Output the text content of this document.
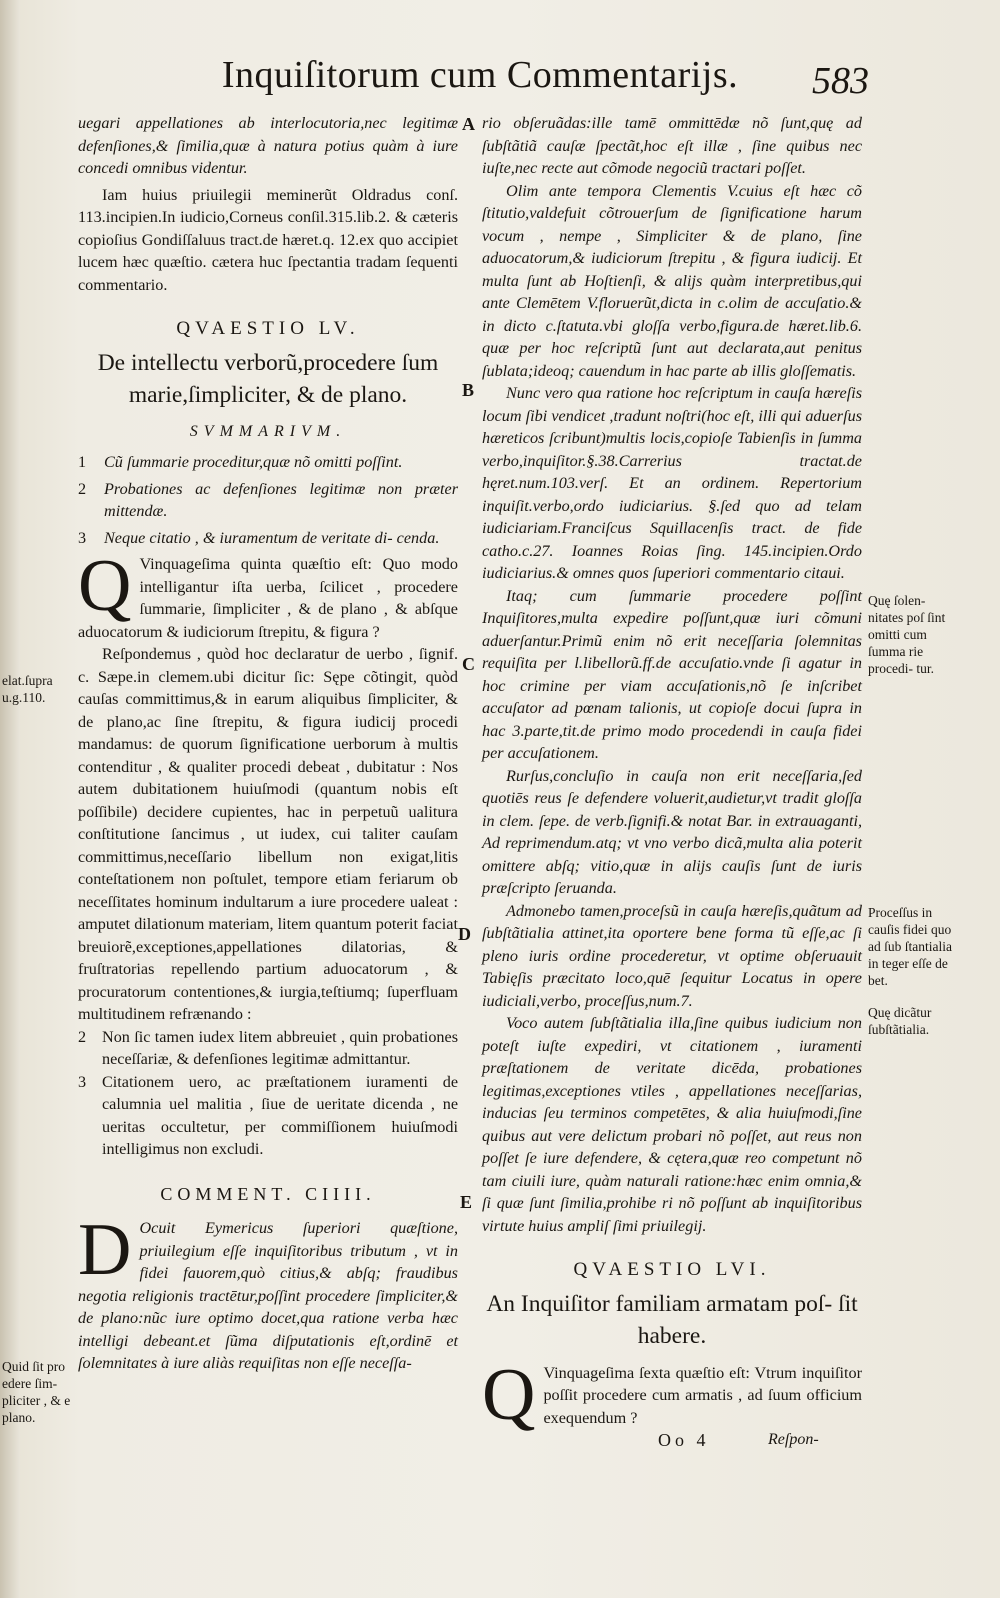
Inquiſitorum cum Commentarijs.	583

uegari appellationes ab interlocutoria,nec legitimæ defenſiones,& ſimilia,quæ à natura potius quàm à iure concedi omnibus videntur.

Iam huius priuilegii meminerũt Oldradus conſ. 113.incipien.In iudicio,Corneus conſil.315.lib.2. & cæteris copioſius Gondiſſaluus tract.de hæret.q. 12.ex quo accipiet lucem hæc quæſtio. cætera huc ſpectantia tradam ſequenti commentario.

QVAESTIO LV.
De intellectu verborũ,procedere ſum marie,ſimpliciter, & de plano.
SVMMARIVM.
1 Cũ ſummarie proceditur,quæ nõ omitti poſſint.
2 Probationes ac defenſiones legitimæ non præter mittendæ.
3 Neque citatio , & iuramentum de veritate di- cenda.

Q Vinquageſima quinta quæſtio eſt: Quo modo intelligantur iſta uerba, ſcilicet , procedere ſummarie, ſimpliciter , & de plano , & abſque aduocatorum & iudiciorum ſtrepitu, & figura ?

Reſpondemus , quòd hoc declaratur de uerbo , ſignif. c. Sæpe.in clemem.ubi dicitur ſic: Sępe cõtingit, quòd cauſas committimus,& in earum aliquibus ſimpliciter, & de plano,ac ſine ſtrepitu, & figura iudicij procedi mandamus: de quorum ſignificatione uerborum à multis contenditur , & qualiter procedi debeat , dubitatur : Nos autem dubitationem huiuſmodi (quantum nobis eſt poſſibile) decidere cupientes, hac in perpetuũ ualitura conſtitutione ſancimus , ut iudex, cui taliter cauſam committimus,neceſſario libellum non exigat,litis conteſtationem non poſtulet, tempore etiam feriarum ob neceſſitates hominum indultarum a iure procedere ualeat : amputet dilationum materiam, litem quantum poterit faciat breuiorẽ,exceptiones,appellationes dilatorias, & fruſtratorias repellendo partium aduocatorum , & procuratorum contentiones,& iurgia,teſtiumq; ſuperfluam multitudinem refrænando :

2 Non ſic tamen iudex litem abbreuiet , quin probationes neceſſariæ, & defenſiones legitimæ admittantur.

3 Citationem uero, ac præſtationem iuramenti de calumnia uel malitia , ſiue de ueritate dicenda , ne ueritas occultetur, per commiſſionem huiuſmodi intelligimus non excludi.

COMMENT. CIIII.

D Ocuit Eymericus ſuperiori quæſtione, priuilegium eſſe inquiſitoribus tributum , vt in fidei fauorem,quò citius,& abſq; fraudibus negotia religionis tractētur,poſſint procedere ſimpliciter,& de plano:nũc iure optimo docet,qua ratione verba hæc intelligi debeant.et ſũma diſputationis eſt,ordinē et ſolemnitates à iure aliàs requiſitas non eſſe neceſſa-

rio obſeruãdas:ille tamē ommittēdæ nõ ſunt,quę ad ſubſtãtiã cauſæ ſpectãt,hoc eſt illæ , ſine quibus nec iuſte,nec recte aut cõmode negociũ tractari poſſet.

Olim ante tempora Clementis V.cuius eſt hæc cõ ſtitutio,valdefuit cõtrouerſum de ſignificatione harum vocum , nempe , Simpliciter & de plano, ſine aduocatorum,& iudiciorum ſtrepitu , & figura iudicij. Et multa ſunt ab Hoſtienſi, & alijs quàm interpretibus,qui ante Clemētem V.floruerũt,dicta in c.olim de accuſatio.& in dicto c.ſtatuta.vbi gloſſa verbo,figura.de hæret.lib.6. quæ per hoc reſcriptũ ſunt aut declarata,aut penitus ſublata;ideoq; cauendum in hac parte ab illis gloſſematis.

Nunc vero qua ratione hoc reſcriptum in cauſa hæreſis locum ſibi vendicet ,tradunt noſtri(hoc eſt, illi qui aduerſus hæreticos ſcribunt)multis locis,copioſe Tabienſis in ſumma verbo,inquiſitor.§.38.Carrerius tractat.de hęret.num.103.verſ. Et an ordinem. Repertorium inquiſit.verbo,ordo iudiciarius. §.ſed quo ad telam iudiciariam.Franciſcus Squillacenſis tract. de fide catho.c.27. Ioannes Roias ſing. 145.incipien.Ordo iudiciarius.& omnes quos ſuperiori commentario citaui.

Itaq; cum ſummarie procedere poſſint Inquiſitores,multa expedire poſſunt,quæ iuri cõmuni aduerſantur.Primũ enim nõ erit neceſſaria ſolemnitas requiſita per l.libellorũ.ff.de accuſatio.vnde ſi agatur in hoc crimine per viam accuſationis,nõ ſe inſcribet accuſator ad pœnam talionis, ut copioſe docui ſupra in hac 3.parte,tit.de primo modo procedendi in cauſa fidei per accuſationem.

Rurſus,concluſio in cauſa non erit neceſſaria,ſed quotiēs reus ſe defendere voluerit,audietur,vt tradit gloſſa in clem. ſepe. de verb.ſignifi.& notat Bar. in extrauaganti, Ad reprimendum.atq; vt vno verbo dicã,multa alia poterit omittere abſq; vitio,quæ in alijs cauſis ſunt de iuris præſcripto ſeruanda.

Admonebo tamen,proceſsũ in cauſa hæreſis,quãtum ad ſubſtãtialia attinet,ita oportere bene forma tũ eſſe,ac ſi pleno iuris ordine procederetur, vt optime obſeruauit Tabięſis præcitato loco,quē ſequitur Locatus in opere iudiciali,verbo, proceſſus,num.7.

Voco autem ſubſtãtialia illa,ſine quibus iudicium non poteſt iuſte expediri, vt citationem , iuramenti præſtationem de veritate dicēda, probationes legitimas,exceptiones vtiles , appellationes neceſſarias, inducias ſeu terminos competētes, & alia huiuſmodi,ſine quibus aut vere delictum probari nõ poſſet, aut reus non poſſet ſe iure defendere, & cętera,quæ reo competunt nõ tam ciuili iure, quàm naturali ratione:hæc enim omnia,& ſi quæ ſunt ſimilia,prohibe ri nõ poſſunt ab inquiſitoribus virtute huius ampliſ ſimi priuilegij.

QVAESTIO LVI.
An Inquiſitor familiam armatam poſ- ſit habere.

Q Vinquageſima ſexta quæſtio eſt: Vtrum inquiſitor poſſit procedere cum armatis , ad ſuum officium exequendum ?

Oo 4	Reſpon-
A
B
C
D
E
elat.ſupra u.g.110.
Quid ſit pro edere ſim- pliciter , & e plano.
Quę ſolen- nitates poſ ſint omitti cum ſumma rie procedi- tur.
Proceſſus in cauſis fidei quo ad ſub ſtantialia in teger eſſe de bet.
Quę dicãtur ſubſtãtialia.
